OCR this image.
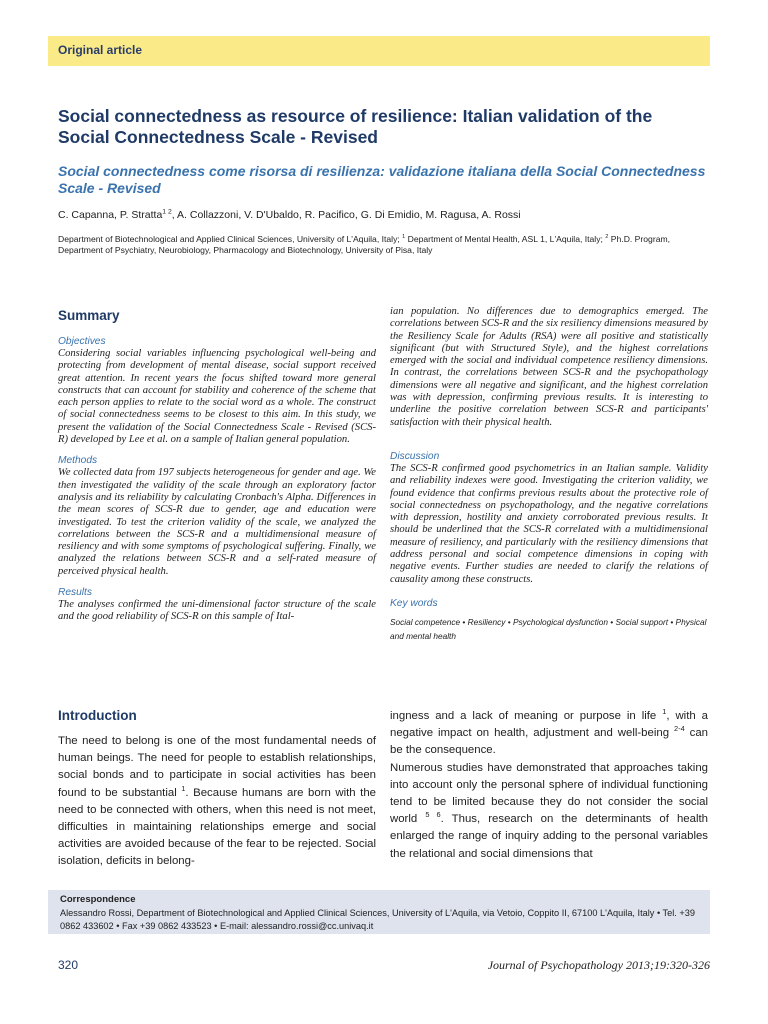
Original article
Social connectedness as resource of resilience: Italian validation of the Social Connectedness Scale - Revised
Social connectedness come risorsa di resilienza: validazione italiana della Social Connectedness Scale - Revised
C. Capanna, P. Stratta$^{1 2}$, A. Collazzoni, V. D'Ubaldo, R. Pacifico, G. Di Emidio, M. Ragusa, A. Rossi
Department of Biotechnological and Applied Clinical Sciences, University of L'Aquila, Italy; $^1$ Department of Mental Health, ASL 1, L'Aquila, Italy; $^2$ Ph.D. Program, Department of Psychiatry, Neurobiology, Pharmacology and Biotechnology, University of Pisa, Italy
Summary
Objectives

Considering social variables influencing psychological well-being and protecting from development of mental disease, social support received great attention. In recent years the focus shifted toward more general constructs that can account for stability and coherence of the scheme that each person applies to relate to the social word as a whole. The construct of social connectedness seems to be closest to this aim. In this study, we present the validation of the Social Connectedness Scale - Revised (SCS-R) developed by Lee et al. on a sample of Italian general population.

Methods

We collected data from 197 subjects heterogeneous for gender and age. We then investigated the validity of the scale through an exploratory factor analysis and its reliability by calculating Cronbach's Alpha. Differences in the mean scores of SCS-R due to gender, age and education were investigated. To test the criterion validity of the scale, we analyzed the correlations between the SCS-R and a multidimensional measure of resiliency and with some symptoms of psychological suffering. Finally, we analyzed the relations between SCS-R and a self-rated measure of perceived physical health.

Results

The analyses confirmed the uni-dimensional factor structure of the scale and the good reliability of SCS-R on this sample of Ital-

ian population. No differences due to demographics emerged. The correlations between SCS-R and the six resiliency dimensions measured by the Resiliency Scale for Adults (RSA) were all positive and statistically significant (but with Structured Style), and the highest correlations emerged with the social and individual competence resiliency dimensions. In contrast, the correlations between SCS-R and the psychopathology dimensions were all negative and significant, and the highest correlation was with depression, confirming previous results. It is interesting to underline the positive correlation between SCS-R and participants' satisfaction with their physical health.

Discussion

The SCS-R confirmed good psychometrics in an Italian sample. Validity and reliability indexes were good. Investigating the criterion validity, we found evidence that confirms previous results about the protective role of social connectedness on psychopathology, and the negative correlations with depression, hostility and anxiety corroborated previous results. It should be underlined that the SCS-R correlated with a multidimensional measure of resiliency, and particularly with the resiliency dimensions that address personal and social competence dimensions in coping with negative events. Further studies are needed to clarify the relations of causality among these constructs.

Key words

Social competence • Resiliency • Psychological dysfunction • Social support • Physical and mental health

Introduction

The need to belong is one of the most fundamental needs of human beings. The need for people to establish relationships, social bonds and to participate in social activities has been found to be substantial $^1$. Because humans are born with the need to be connected with others, when this need is not meet, difficulties in maintaining relationships emerge and social activities are avoided because of the fear to be rejected. Social isolation, deficits in belong-

ingness and a lack of meaning or purpose in life $^1$, with a negative impact on health, adjustment and well-being $^{2-4}$ can be the consequence.

Numerous studies have demonstrated that approaches taking into account only the personal sphere of individual functioning tend to be limited because they do not consider the social world $^{5 6}$. Thus, research on the determinants of health enlarged the range of inquiry adding to the personal variables the relational and social dimensions that

Correspondence
Alessandro Rossi, Department of Biotechnological and Applied Clinical Sciences, University of L'Aquila, via Vetoio, Coppito II, 67100 L'Aquila, Italy • Tel. +39 0862 433602 • Fax +39 0862 433523 • E-mail: alessandro.rossi@cc.univaq.it
320	Journal of Psychopathology 2013;19:320-326
